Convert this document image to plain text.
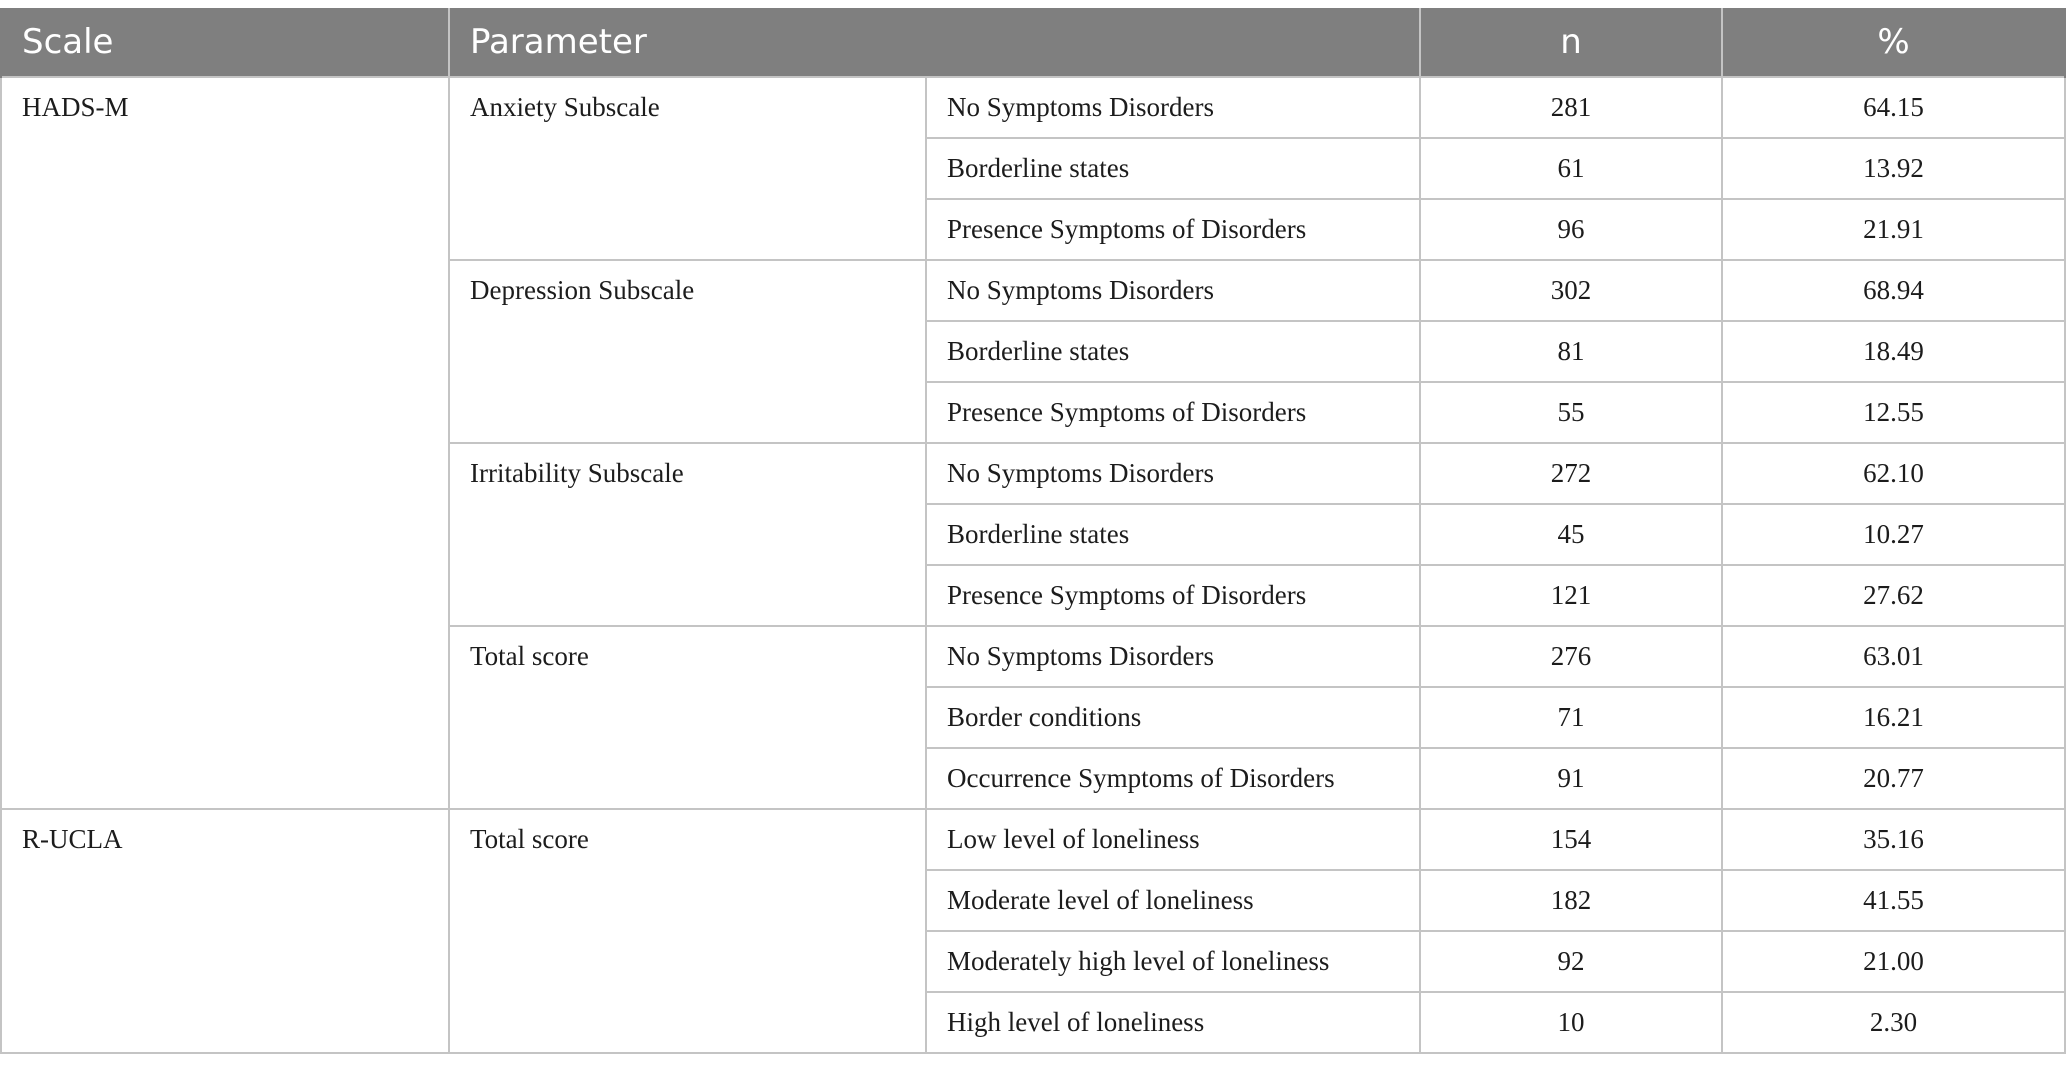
Scale	Parameter		n	%
HADS-M	Anxiety Subscale	No Symptoms Disorders	281	64.15
		Borderline states	61	13.92
		Presence Symptoms of Disorders	96	21.91
	Depression Subscale	No Symptoms Disorders	302	68.94
		Borderline states	81	18.49
		Presence Symptoms of Disorders	55	12.55
	Irritability Subscale	No Symptoms Disorders	272	62.10
		Borderline states	45	10.27
		Presence Symptoms of Disorders	121	27.62
	Total score	No Symptoms Disorders	276	63.01
		Border conditions	71	16.21
		Occurrence Symptoms of Disorders	91	20.77
R-UCLA	Total score	Low level of loneliness	154	35.16
		Moderate level of loneliness	182	41.55
		Moderately high level of loneliness	92	21.00
		High level of loneliness	10	2.30
